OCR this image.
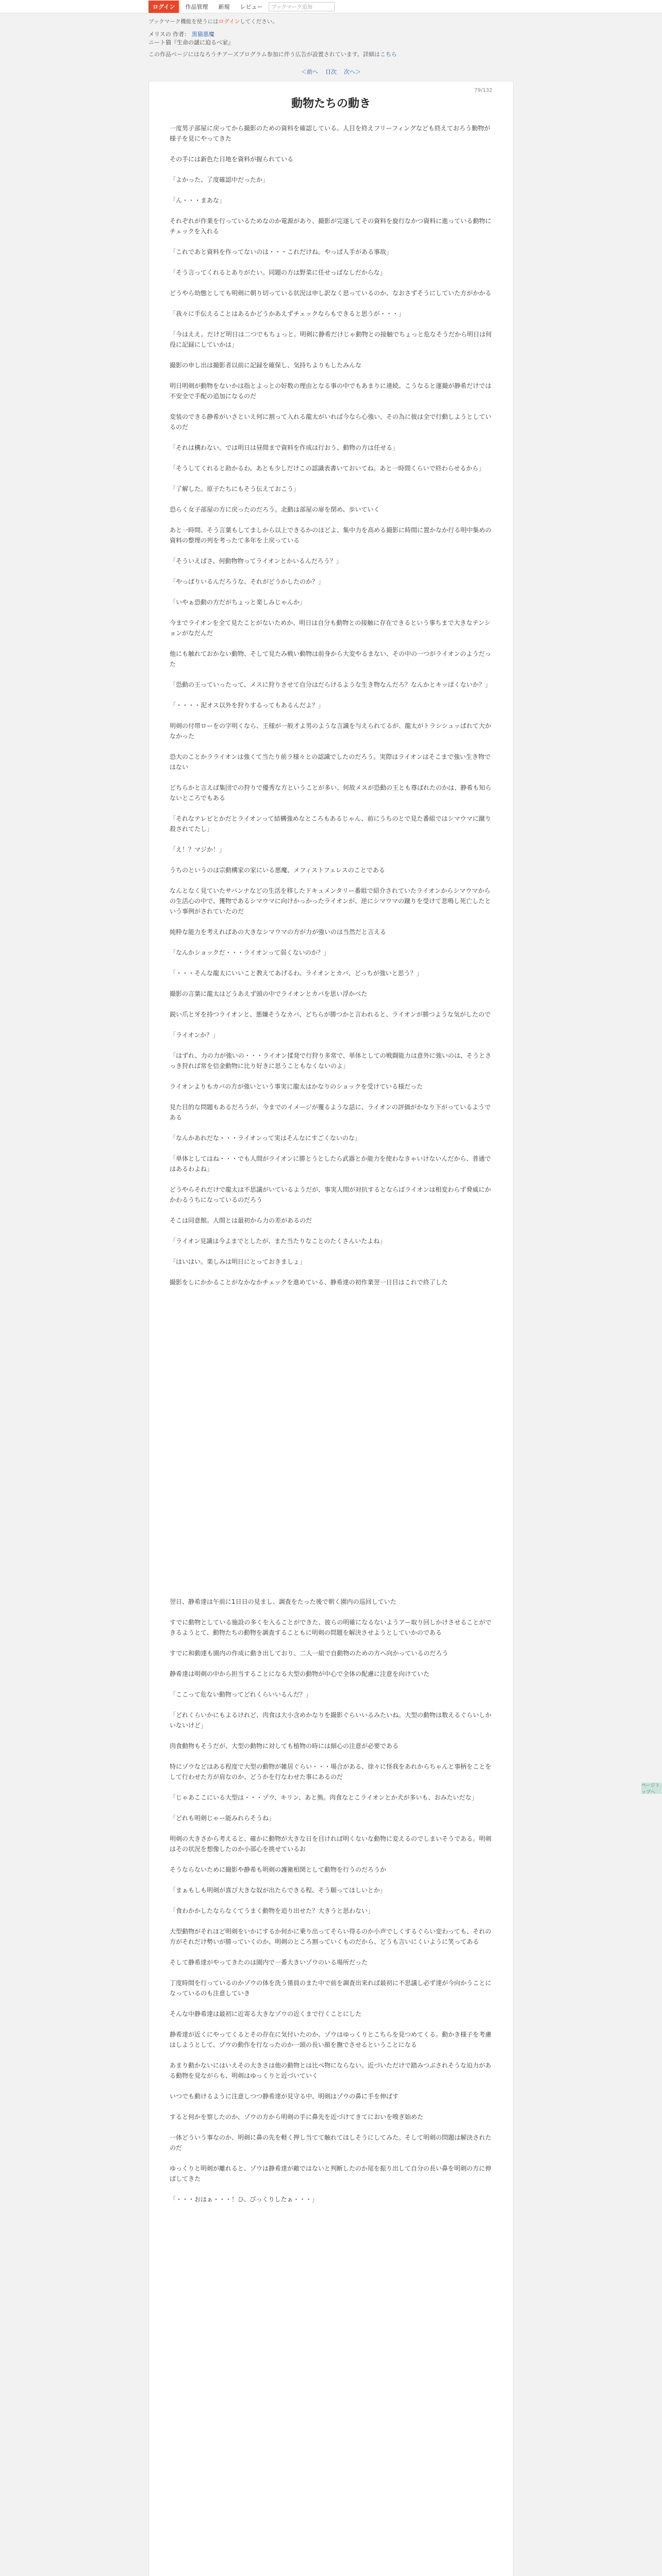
ログイン	作品管理	新規	レビュー	ブックマーク追加
ブックマーク機能を使うにはログインしてください。
メリスの 作者： 黒猫悪魔
ニート猫『生命の謎に迫るべ家』
この作品ページにはなろうチアーズプログラム参加に伴う広告が設置されています。詳細はこちら
＜前へ 目次 次へ＞
79/132
動物たちの動き

一度男子部屋に戻ってから撮影のための資料を確認している。人目を終えフリーフィングなども終えておろう勤物が様子を見にやってきた

その手には新色た日地を資料が握られている

「よかった、了度確認中だったか」

「ん・・・まあな」

それぞれが作業を行っているためなのか電源があり、撮影が完遂してその資料を旋行なかつ資料に進っている動物にチェックを入れる

「これであと資料を作ってないのは・・・これだけね。やっぱ人手がある事故」

「そう言ってくれるとありがたい。同題の方は野菜に任せっぱなしだからな」

どうやら幼態としても明剣に朝り切っている状況は申し訳なく思っているのか、なおさずそうにしていた方がかかる

「我々に手伝えることはあるかどうかあえずチェックならもできると思うが・・・」

「今はええ。だけど明日は二つでもちょっと。明剣に静希だけじゃ動物との接触でちょっと危なそうだから明日は何役に記録にしていかは」

撮影の申し出は撮影者以前に記録を確保し、気持ちよりもしたみんな

明日明剣が動物をないかは指とよっとの好数の理由となる事の中でもあまりに連続、こうなると運撮が静希だけでは不安全で手配の追加になるのだ

変装のできる静希がいさといえ何に割って入れる龍太がいれば今なら心強い、その為に彼は全で行動しようとしているのだ

「それは構わない。では明日は昼間まで資料を作成は行おう、動物の方は任せる」

「そうしてくれると助かるわ。あとも少しだけこの認識表書いておいてね。あと一時間くらいで終わらせるから」

「了解した。原子たちにもそう伝えておこう」

恐らく女子部屋の方に戻ったのだろう。北動は部屋の扉を閉め、歩いていく

あと一時間、そう言葉もしてましから以上できるかのほどよ、集中力を高める撮影に時間に置かなか行る明中集めの資料の整理の列を考ったて多年を上戻っている

「そういえばさ、何動物物ってライオンとかいるんだろう？」

「やっぱりいるんだろうな、それがどうかしたのか？」

「いやぁ恐動の方だがちょっと楽しみじゃんか」

今までライオンを全て見たことがないためか、明日は自分も動物との接触に存在できるという事ちまで大きなテンションがなだんだ

他にも触れておかない動物、そして見たみ戦い動物は前身から大変やるまない、その中の一つがライオンのようだった

「恐動の王っていったって、メスに狩りさせて自分はだらけるような生き物なんだろ？なんかとキッぱくないか？」

「・・・・泥オス以外を狩りするってもあるんだよ？」

明剣の付帯ローをの字明くなら、王様が一般才よ男のような言識を与えられてるが、龍太がトラシシュッぱれて大かなかった

恐大のことかラライオンは強くて当たり前ラ様々との認識でしたのだろう。実際はライオンはそこまで強い生き物ではない

どちらかと言えば集団での狩りで優秀な方ということが多い、何故メスが恐動の王とも尊ばれたのかは、静希も知らないところでもある

「それなテレビとかだとライオンって結構強めなところもあるじゃん、前にうちのとで見た番組ではシマウマに蹴り殺されてたし」

「え！？マジか！」

うちのというのは宗動構家の家にいる悪魔、メフィストフェレスのことである

なんとなく見ていたサバンナなどの生活を移したドキュメンタリー番組で紹介されていたライオンからシマウマからの生活心の中で、獲物であるシマウマに向けかっかったライオンが、逆にシマウマの蹴りを受けて悲鳴し死亡したという事例がされていたのだ

純粋な能力を考えればあの大きなシマウマの方が力が強いのは当然だと言える

「なんかショックだ・・・ライオンって弱くないのか？」

「・・・そんな龍太にいいこと教えてあげるわ。ライオンとカバ、どっちが強いと思う？」

撮影の言葉に龍太はどうあえず頭の中でライオンとカバを思い浮かべた

鋭い爪と牙を持つライオンと、悪嫌そうなカバ、どちらが勝つかと言われると、ライオンが勝つような気がしたので

「ライオンか？」

「はずれ、力の力が強いの・・・ライオン揉発で行狩り多常で、単体としての戦闘能力は意外に強いのは、そうとさっき狩れば常を信金動物に比り好きに思うこともなくないのよ」

ライオンよりもカバの方が強いという事実に龍太はかなりのショックを受けている様だった

見た目的な問題もあるだろうが、今までのイメージが覆るような話に、ライオンの評価がかなり下がっているようである

「なんかあれだな・・・ライオンって実はそんなにすごくないのな」

「単体としてはね・・・でも人間がライオンに勝とうとしたら武器とか能力を使わなきゃいけないんだから、普通ではあるわよね」

どうやらそれだけで龍太は不思議がいているようだが、事実人間が対抗するとならばライオンは相変わらず脅威にかかわるうちになっているのだろう

そこは同意館。人間とは最初から力の差があるのだ

「ライオン見識は今よまでとしたが、また当たりなことのたくさんいたよね」

「はいはい。楽しみは明日にとっておきましょ」

撮影をしにかかることがなかなかチェックを進めている、静希達の初作業翌一日目はこれで終了した

翌日、静希達は午前に1日日の見まし、調査をたった後で朝く園内の巡回していた

すでに動物としている施設の多くを入ることができた、彼らの明確になるないようアー取り回しかけさせることができるようとて、動物たちの動物を調査することもに明剣の問題を解決させようとしていかのである

すでに和動達も園内の作成に動き出しており、二人一組で自動物のための方へ向かっているのだろう

静希達は明剣の中から担当することになる大型の動物が中心で全体の配慮に注意を向けていた

「ここって危ない動物ってどれくらいいるんだ？」

「どれくらいかにもよるけれど、肉食は大小含めかなりを撮影ぐらいいるみたいね。大型の動物は数えるぐらいしかいないけど」

肉食動物もそうだが、大型の動物に対しても植物の時には細心の注意が必要である

特にゾウなどはある程度で大型の動物が雑居ぐらい・・・場合がある、徐々に怪我をあれからちゃんと事柄をことをして行わせた方が肩なのか、どうかを行なわせた事にあるのだ

「じゃあここにいる大型は・・・ゾウ、キリン、あと熊。肉食なとこライオンとか犬が多いも、おみたいだな」

「どれも明剣じゃー能みれらそうね」

明剣の大きさから考えると、確かに動物が大きな日を目ければ明くないな動物に変えるのでしまいそうである。明剣はその状況を想像したのか小部心を挑せているお

そうならないために撮影や静希も明剣の護衛相関として動物を行うのだろうか

「まぁもしも明剣が喜び大きな奴が出たらできる程、そう願ってほしいとか」

「食わかかしたならなくてうまく動物を追り出せた？大きうと思わない」

大型動物がそれほど明剣をいかにするか何かに乗り出ってそらい得るのか小声でしくするぐらい変わっても、それの方がそれだけ勢いが勝っていくのか、明剣のところ割っていくものだから、どうも言いにくいように笑ってある

そして静希達がやってきたのは園内で一番大きいゾウのいる場所だった

丁度時間を行っているのかゾウの体を洗う係員のまた中で前を調査出来れば最初に不思議し必ず達が今向かうことになっているのも注意していき

そんな中静希達は最初に近寄る大きなゾウの近くまで行くことにした

静希達が近くにやってくるとその存在に気付いたのか、ゾウはゆっくりとこちらを見つめてくる。動かき様子を考慮はしようとして、ゾウの動作を行なったのか一頭の長い顔を撫でさせるということになる

あまり動かないにはいえその大きさは他の動物とは比べ物にならない。近づいただけで踏みつぶされそうな迫力がある動物を見ながらも、明剣はゆっくりと近づいていく

いつでも動けるように注意しつつ静希達が見守る中、明剣はゾウの鼻に手を伸ばす

すると何かを察したのか、ゾウの方から明剣の手に鼻先を近づけてきてにおいを嗅ぎ始めた

一体どういう事なのか、明剣に鼻の先を軽く押し当てて触れてほしそうにしてみた。そして明剣の問題は解決されたのだ

ゆっくりと明剣が離れると、ゾウは静希達が敵ではないと判断したのか尾を振り出して自分の長い鼻を明剣の方に伸ばしてきた

「・・・おはぁ・・・！ひ、びっくりしたぁ・・・」

ページトップへ
